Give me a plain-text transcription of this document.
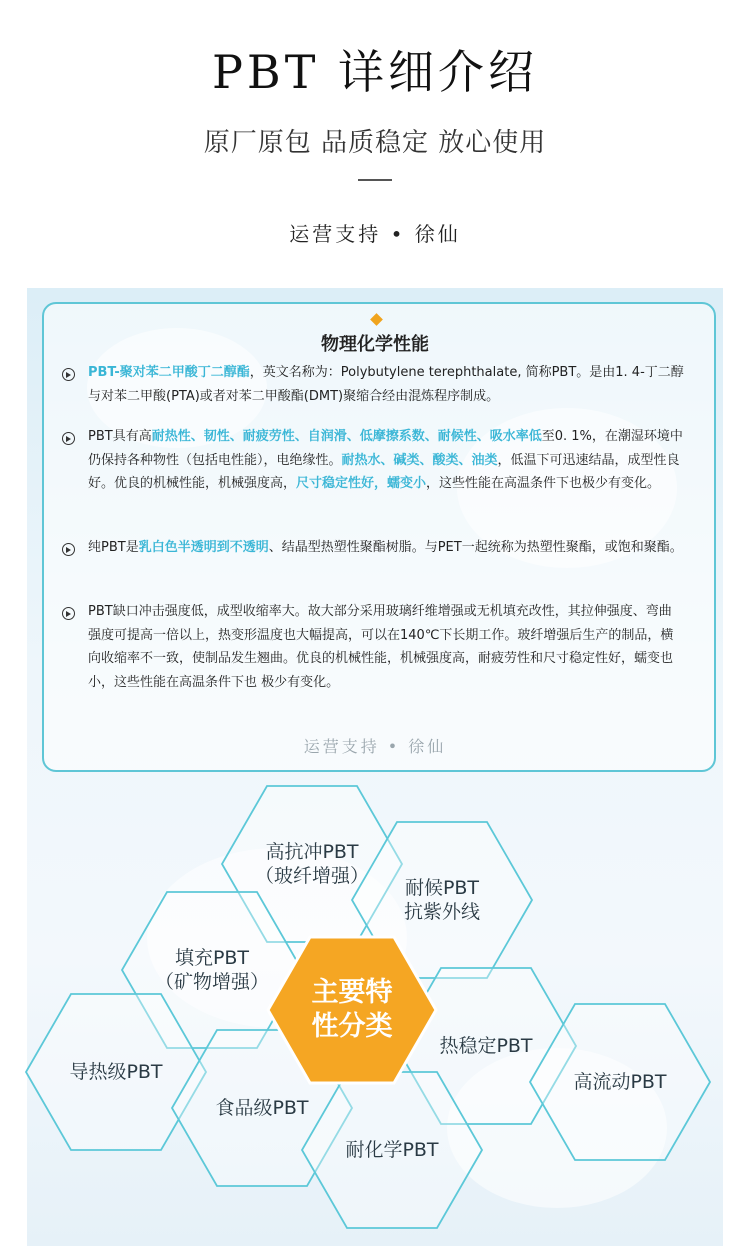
PBT 详细介绍
原厂原包 品质稳定 放心使用
运营支持 • 徐仙
物理化学性能
PBT-聚对苯二甲酸丁二醇酯，英文名称为：Polybutylene terephthalate, 简称PBT。是由1. 4-丁二醇与对苯二甲酸(PTA)或者对苯二甲酸酯(DMT)聚缩合经由混炼程序制成。
PBT具有高耐热性、韧性、耐疲劳性、自润滑、低摩擦系数、耐候性、吸水率低至0. 1%，在潮湿环境中仍保持各种物性（包括电性能），电绝缘性。耐热水、碱类、酸类、油类，低温下可迅速结晶，成型性良好。优良的机械性能，机械强度高，尺寸稳定性好，蠕变小，这些性能在高温条件下也极少有变化。
纯PBT是乳白色半透明到不透明、结晶型热塑性聚酯树脂。与PET一起统称为热塑性聚酯，或饱和聚酯。
PBT缺口冲击强度低，成型收缩率大。故大部分采用玻璃纤维增强或无机填充改性，其拉伸强度、弯曲强度可提高一倍以上，热变形温度也大幅提高，可以在140℃下长期工作。玻纤增强后生产的制品，横向收缩率不一致，使制品发生翘曲。优良的机械性能，机械强度高，耐疲劳性和尺寸稳定性好，蠕变也小，这些性能在高温条件下也 极少有变化。
运营支持 • 徐仙
高抗冲PBT
（玻纤增强）
耐候PBT
抗紫外线
填充PBT
（矿物增强）
导热级PBT
热稳定PBT
食品级PBT
高流动PBT
耐化学PBT
主要特
性分类
